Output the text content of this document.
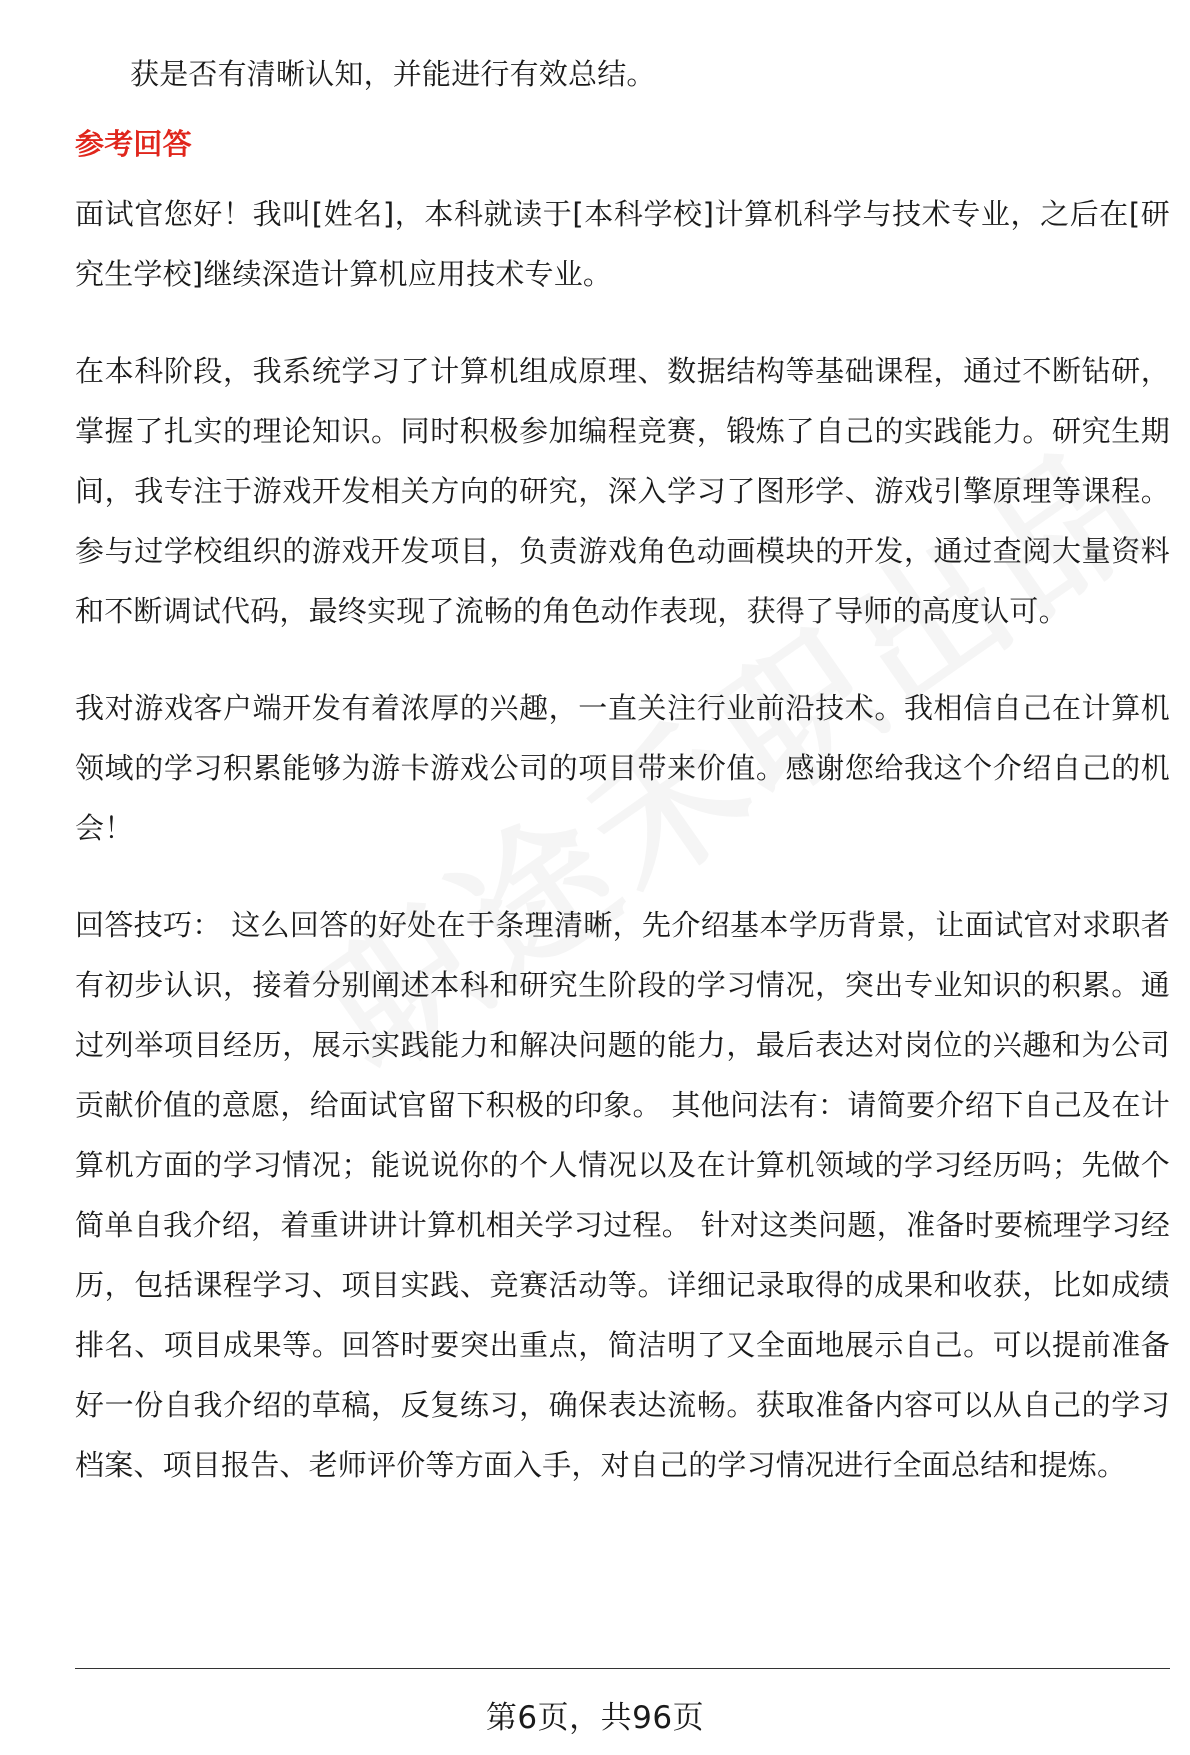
获是否有清晰认知，并能进行有效总结。

参考回答

面试官您好！我叫[姓名]，本科就读于[本科学校]计算机科学与技术专业，之后在[研究生学校]继续深造计算机应用技术专业。

在本科阶段，我系统学习了计算机组成原理、数据结构等基础课程，通过不断钻研，掌握了扎实的理论知识。同时积极参加编程竞赛，锻炼了自己的实践能力。研究生期间，我专注于游戏开发相关方向的研究，深入学习了图形学、游戏引擎原理等课程。参与过学校组织的游戏开发项目，负责游戏角色动画模块的开发，通过查阅大量资料和不断调试代码，最终实现了流畅的角色动作表现，获得了导师的高度认可。

我对游戏客户端开发有着浓厚的兴趣，一直关注行业前沿技术。我相信自己在计算机领域的学习积累能够为游卡游戏公司的项目带来价值。感谢您给我这个介绍自己的机会！

回答技巧： 这么回答的好处在于条理清晰，先介绍基本学历背景，让面试官对求职者有初步认识，接着分别阐述本科和研究生阶段的学习情况，突出专业知识的积累。通过列举项目经历，展示实践能力和解决问题的能力，最后表达对岗位的兴趣和为公司贡献价值的意愿，给面试官留下积极的印象。 其他问法有：请简要介绍下自己及在计算机方面的学习情况；能说说你的个人情况以及在计算机领域的学习经历吗；先做个简单自我介绍，着重讲讲计算机相关学习过程。 针对这类问题，准备时要梳理学习经历，包括课程学习、项目实践、竞赛活动等。详细记录取得的成果和收获，比如成绩排名、项目成果等。回答时要突出重点，简洁明了又全面地展示自己。可以提前准备好一份自我介绍的草稿，反复练习，确保表达流畅。获取准备内容可以从自己的学习档案、项目报告、老师评价等方面入手，对自己的学习情况进行全面总结和提炼。

第6页，共96页
